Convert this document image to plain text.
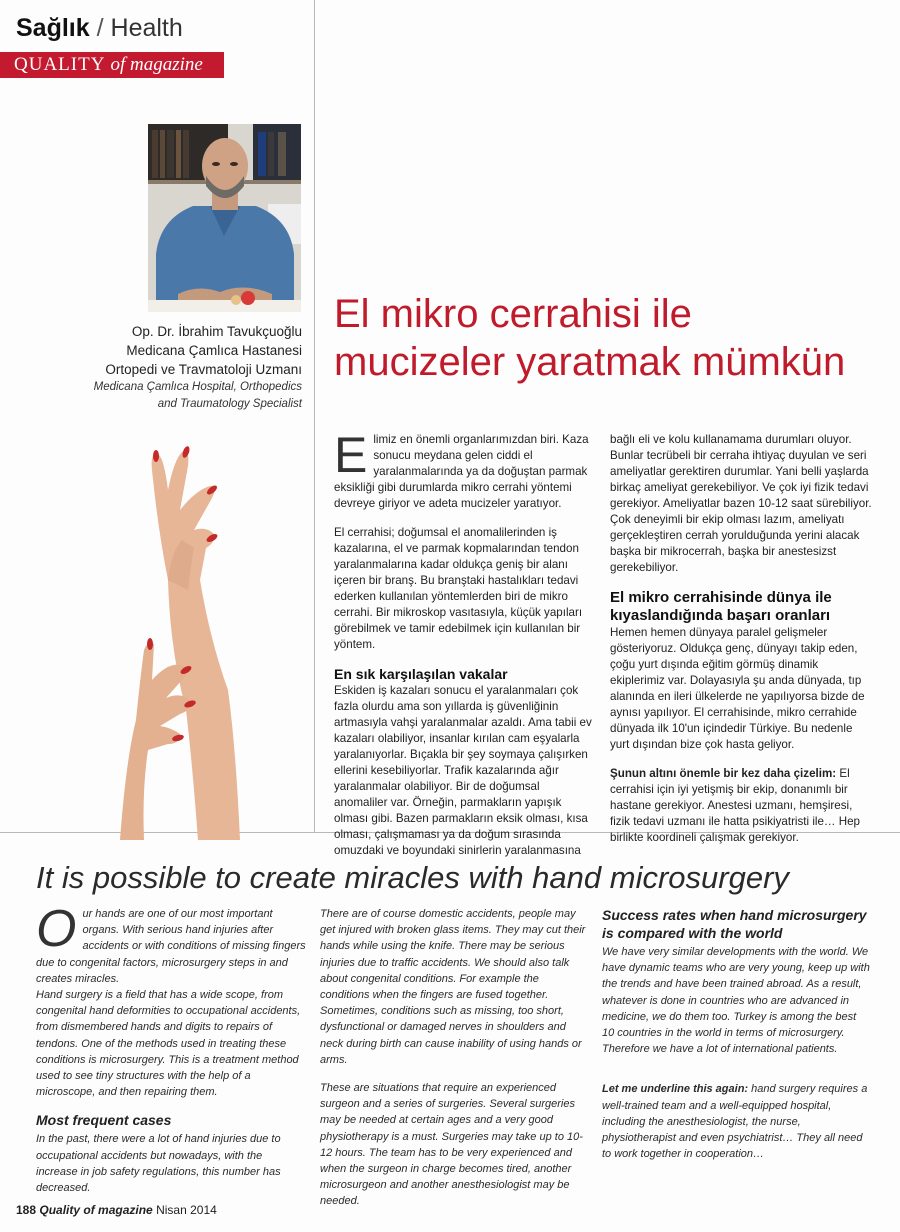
Sağlık / Health
QUALITY of magazine
Op. Dr. İbrahim Tavukçuoğlu
Medicana Çamlıca Hastanesi
Ortopedi ve Travmatoloji Uzmanı
Medicana Çamlıca Hospital, Orthopedics
and Traumatology Specialist
El mikro cerrahisi ile
mucizeler yaratmak mümkün

Elimiz en önemli organlarımızdan biri. Kaza sonucu meydana gelen ciddi el yaralanmalarında ya da doğuştan parmak eksikliği gibi durumlarda mikro cerrahi yöntemi devreye giriyor ve adeta mucizeler yaratıyor.

El cerrahisi; doğumsal el anomalilerinden iş kazalarına, el ve parmak kopmalarından tendon yaralanmalarına kadar oldukça geniş bir alanı içeren bir branş. Bu branştaki hastalıkları tedavi ederken kullanılan yöntemlerden biri de mikro cerrahi. Bir mikroskop vasıtasıyla, küçük yapıları görebilmek ve tamir edebilmek için kullanılan bir yöntem.

En sık karşılaşılan vakalar

Eskiden iş kazaları sonucu el yaralanmaları çok fazla olurdu ama son yıllarda iş güvenliğinin artmasıyla vahşi yaralanmalar azaldı. Ama tabii ev kazaları olabiliyor, insanlar kırılan cam eşyalarla yaralanıyorlar. Bıçakla bir şey soymaya çalışırken ellerini kesebiliyorlar. Trafik kazalarında ağır yaralanmalar olabiliyor. Bir de doğumsal anomaliler var. Örneğin, parmakların yapışık olması gibi. Bazen parmakların eksik olması, kısa olması, çalışmaması ya da doğum sırasında omuzdaki ve boyundaki sinirlerin yaralanmasına

bağlı eli ve kolu kullanamama durumları oluyor. Bunlar tecrübeli bir cerraha ihtiyaç duyulan ve seri ameliyatlar gerektiren durumlar. Yani belli yaşlarda birkaç ameliyat gerekebiliyor. Ve çok iyi fizik tedavi gerekiyor. Ameliyatlar bazen 10-12 saat sürebiliyor. Çok deneyimli bir ekip olması lazım, ameliyatı gerçekleştiren cerrah yorulduğunda yerini alacak başka bir mikrocerrah, başka bir anestesizst gerekebiliyor.

El mikro cerrahisinde dünya ile kıyaslandığında başarı oranları

Hemen hemen dünyaya paralel gelişmeler gösteriyoruz. Oldukça genç, dünyayı takip eden, çoğu yurt dışında eğitim görmüş dinamik ekiplerimiz var. Dolayasıyla şu anda dünyada, tıp alanında en ileri ülkelerde ne yapılıyorsa bizde de aynısı yapılıyor. El cerrahisinde, mikro cerrahide dünyada ilk 10'un içindedir Türkiye. Bu nedenle yurt dışından bize çok hasta geliyor.

Şunun altını önemle bir kez daha çizelim: El cerrahisi için iyi yetişmiş bir ekip, donanımlı bir hastane gerekiyor. Anestesi uzmanı, hemşiresi, fizik tedavi uzmanı ile hatta psikiyatristi ile… Hep birlikte koordineli çalışmak gerekiyor.

It is possible to create miracles with hand microsurgery

Our hands are one of our most important organs. With serious hand injuries after accidents or with conditions of missing fingers due to congenital factors, microsurgery steps in and creates miracles.

Hand surgery is a field that has a wide scope, from congenital hand deformities to occupational accidents, from dismembered hands and digits to repairs of tendons. One of the methods used in treating these conditions is microsurgery. This is a treatment method used to see tiny structures with the help of a microscope, and then repairing them.

Most frequent cases

In the past, there were a lot of hand injuries due to occupational accidents but nowadays, with the increase in job safety regulations, this number has decreased.

There are of course domestic accidents, people may get injured with broken glass items. They may cut their hands while using the knife. There may be serious injuries due to traffic accidents. We should also talk about congenital conditions. For example the conditions when the fingers are fused together. Sometimes, conditions such as missing, too short, dysfunctional or damaged nerves in shoulders and neck during birth can cause inability of using hands or arms.

These are situations that require an experienced surgeon and a series of surgeries. Several surgeries may be needed at certain ages and a very good physiotherapy is a must. Surgeries may take up to 10-12 hours. The team has to be very experienced and when the surgeon in charge becomes tired, another microsurgeon and another anesthesiologist may be needed.

Success rates when hand microsurgery is compared with the world

We have very similar developments with the world. We have dynamic teams who are very young, keep up with the trends and have been trained abroad. As a result, whatever is done in countries who are advanced in medicine, we do them too. Turkey is among the best 10 countries in the world in terms of microsurgery. Therefore we have a lot of international patients.

Let me underline this again: hand surgery requires a well-trained team and a well-equipped hospital, including the anesthesiologist, the nurse, physiotherapist and even psychiatrist… They all need to work together in cooperation…

188 Quality of magazine Nisan 2014
